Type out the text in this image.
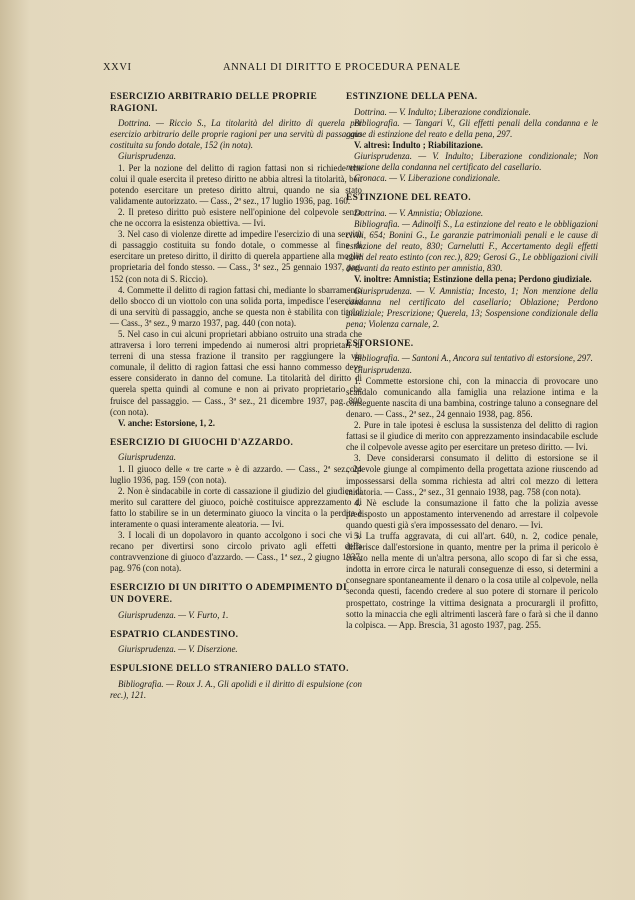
XXVI	ANNALI DI DIRITTO E PROCEDURA PENALE

ESERCIZIO ARBITRARIO DELLE PROPRIE RAGIONI.

Dottrina. — Riccio S., La titolarità del diritto di querela per esercizio arbitrario delle proprie ragioni per una servitù di passaggio costituita su fondo dotale, 152 (in nota).

Giurisprudenza.

1. Per la nozione del delitto di ragion fattasi non si richiede che colui il quale esercita il preteso diritto ne abbia altresì la titolarità, ben potendo esercitare un preteso diritto altrui, quando ne sia stato validamente autorizzato. — Cass., 2ª sez., 17 luglio 1936, pag. 160.

2. Il preteso diritto può esistere nell'opinione del colpevole senza che ne occorra la esistenza obiettiva. — Ivi.

3. Nel caso di violenze dirette ad impedire l'esercizio di una servitù di passaggio costituita su fondo dotale, o commesse al fine di esercitare un preteso diritto, il diritto di querela appartiene alla moglie proprietaria del fondo stesso. — Cass., 3ª sez., 25 gennaio 1937, pag. 152 (con nota di S. Riccio).

4. Commette il delitto di ragion fattasi chi, mediante lo sbarramento dello sbocco di un viottolo con una solida porta, impedisce l'esercizio di una servitù di passaggio, anche se questa non è stabilita con titolo. — Cass., 3ª sez., 9 marzo 1937, pag. 440 (con nota).

5. Nel caso in cui alcuni proprietari abbiano ostruito una strada che attraversa i loro terreni impedendo ai numerosi altri proprietari di terreni di una stessa frazione il transito per raggiungere la via comunale, il delitto di ragion fattasi che essi hanno commesso deve essere considerato in danno del comune. La titolarità del diritto di querela spetta quindi al comune e non ai privato proprietario che fruisce del passaggio. — Cass., 3ª sez., 21 dicembre 1937, pag. 800 (con nota).

V. anche: Estorsione, 1, 2.

ESERCIZIO DI GIUOCHI D'AZZARDO.

Giurisprudenza.

1. Il giuoco delle « tre carte » è di azzardo. — Cass., 2ª sez., 24 luglio 1936, pag. 159 (con nota).

2. Non è sindacabile in corte di cassazione il giudizio del giudice di merito sul carattere del giuoco, poichè costituisce apprezzamento di fatto lo stabilire se in un determinato giuoco la vincita o la perdita è interamente o quasi interamente aleatoria. — Ivi.

3. I locali di un dopolavoro in quanto accolgono i soci che vi si recano per divertirsi sono circolo privato agli effetti della contravvenzione di giuoco d'azzardo. — Cass., 1ª sez., 2 giugno 1937, pag. 976 (con nota).

ESERCIZIO DI UN DIRITTO O ADEMPIMENTO DI UN DOVERE.

Giurisprudenza. — V. Furto, 1.

ESPATRIO CLANDESTINO.

Giurisprudenza. — V. Diserzione.

ESPULSIONE DELLO STRANIERO DALLO STATO.

Bibliografia. — Roux J. A., Gli apolidi e il diritto di espulsione (con rec.), 121.

ESTINZIONE DELLA PENA.

Dottrina. — V. Indulto; Liberazione condizionale.

Bibliografia. — Tangari V., Gli effetti penali della condanna e le cause di estinzione del reato e della pena, 297.

V. altresì: Indulto ; Riabilitazione.

Giurisprudenza. — V. Indulto; Liberazione condizionale; Non menzione della condanna nel certificato del casellario.

Cronaca. — V. Liberazione condizionale.

ESTINZIONE DEL REATO.

Dottrina. — V. Amnistia; Oblazione.

Bibliografia. — Adinolfi S., La estinzione del reato e le obbligazioni civili, 654; Bonini G., Le garanzie patrimoniali penali e le cause di estinzione del reato, 830; Carnelutti F., Accertamento degli effetti civili del reato estinto (con rec.), 829; Gerosi G., Le obbligazioni civili derivanti da reato estinto per amnistia, 830.

V. inoltre: Amnistia; Estinzione della pena; Perdono giudiziale.

Giurisprudenza. — V. Amnistia; Incesto, 1; Non menzione della condanna nel certificato del casellario; Oblazione; Perdono giudiziale; Prescrizione; Querela, 13; Sospensione condizionale della pena; Violenza carnale, 2.

ESTORSIONE.

Bibliografia. — Santoni A., Ancora sul tentativo di estorsione, 297.

Giurisprudenza.

1. Commette estorsione chi, con la minaccia di provocare uno scandalo comunicando alla famiglia una relazione intima e la conseguente nascita di una bambina, costringe taluno a consegnare del denaro. — Cass., 2ª sez., 24 gennaio 1938, pag. 856.

2. Pure in tale ipotesi è esclusa la sussistenza del delitto di ragion fattasi se il giudice di merito con apprezzamento insindacabile esclude che il colpevole avesse agito per esercitare un preteso diritto. — Ivi.

3. Deve considerarsi consumato il delitto di estorsione se il colpevole giunge al compimento della progettata azione riuscendo ad impossessarsi della somma richiesta ad altri col mezzo di lettera minatoria. — Cass., 2ª sez., 31 gennaio 1938, pag. 758 (con nota).

4. Nè esclude la consumazione il fatto che la polizia avesse predisposto un appostamento intervenendo ad arrestare il colpevole quando questi già s'era impossessato del denaro. — Ivi.

5. La truffa aggravata, di cui all'art. 640, n. 2, codice penale, differisce dall'estorsione in quanto, mentre per la prima il pericolo è creato nella mente di un'altra persona, allo scopo di far sì che essa, indotta in errore circa le naturali conseguenze di esso, si determini a consegnare spontaneamente il denaro o la cosa utile al colpevole, nella seconda questi, facendo credere al suo potere di stornare il pericolo prospettato, costringe la vittima designata a procurargli il profitto, sotto la minaccia che egli altrimenti lascerà fare o farà sì che il danno la colpisca. — App. Brescia, 31 agosto 1937, pag. 255.
